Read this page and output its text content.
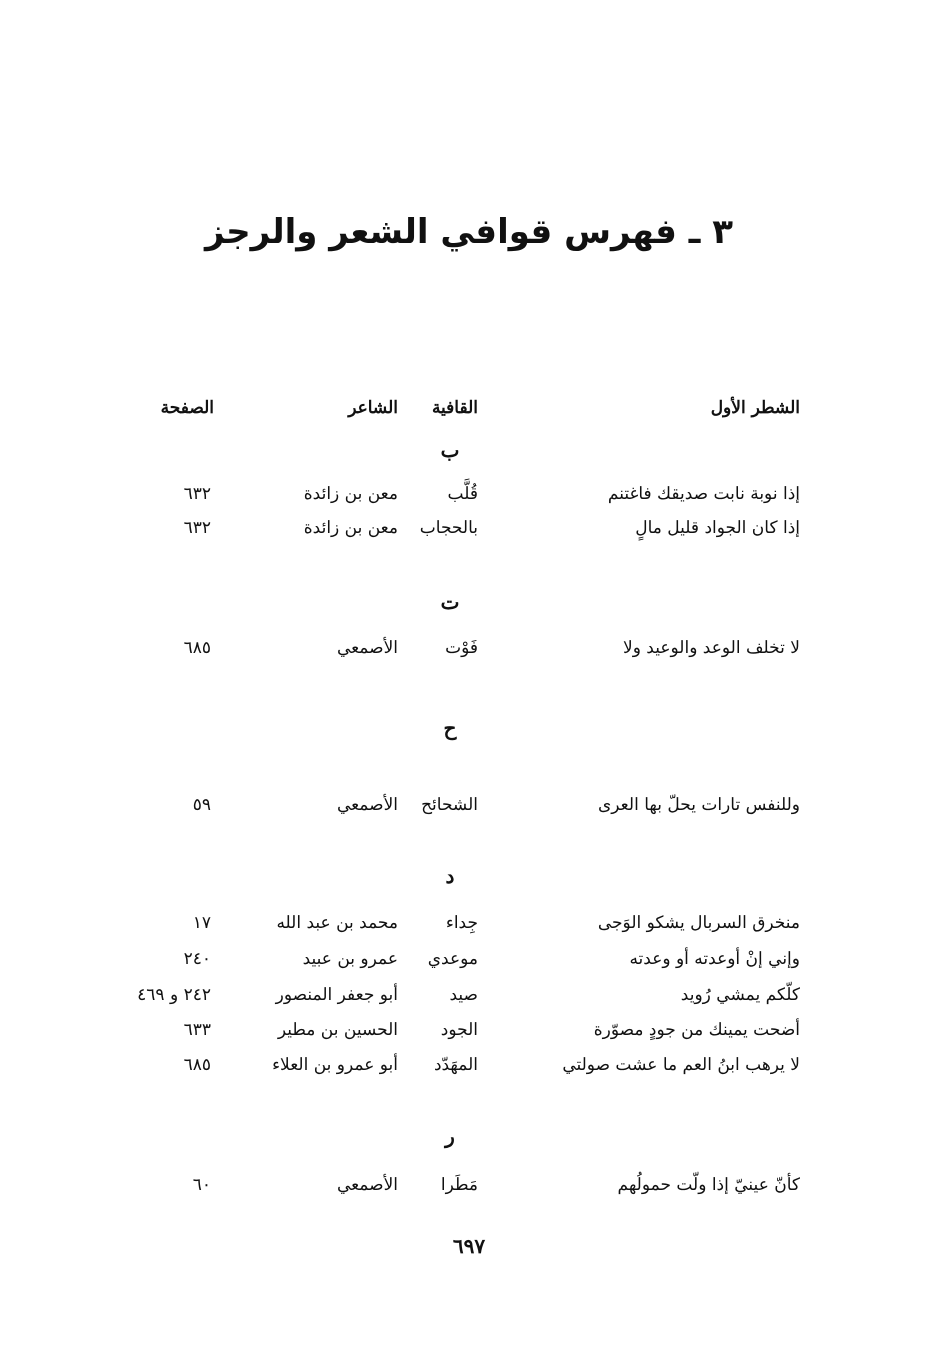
٣ ـ فهرس قوافي الشعر والرجز
الشطر الأول
القافية
الشاعر
الصفحة
ب
إذا نوبة نابت صديقك فاغتنم
قُلَّب
معن بن زائدة
٦٣٢
إذا كان الجواد قليل مالٍ
بالحجاب
معن بن زائدة
٦٣٢
ت
لا تخلف الوعد والوعيد ولا
فَوْت
الأصمعي
٦٨٥
ح
وللنفس تارات يحلّ بها العرى
الشحائح
الأصمعي
٥٩
د
منخرق السربال يشكو الوَجى
جِداء
محمد بن عبد الله
١٧
وإني إنْ أوعدته أو وعدته
موعدي
عمرو بن عبيد
٢٤٠
كلّكم يمشي رُويد
صيد
أبو جعفر المنصور
٢٤٢ و ٤٦٩
أضحت يمينك من جودٍ مصوّرة
الجود
الحسين بن مطير
٦٣٣
لا يرهب ابنُ العم ما عشت صولتي
المهَدّد
أبو عمرو بن العلاء
٦٨٥
ر
كأنّ عينيّ إذا ولّت حمولُهم
مَطَرا
الأصمعي
٦٠
٦٩٧
